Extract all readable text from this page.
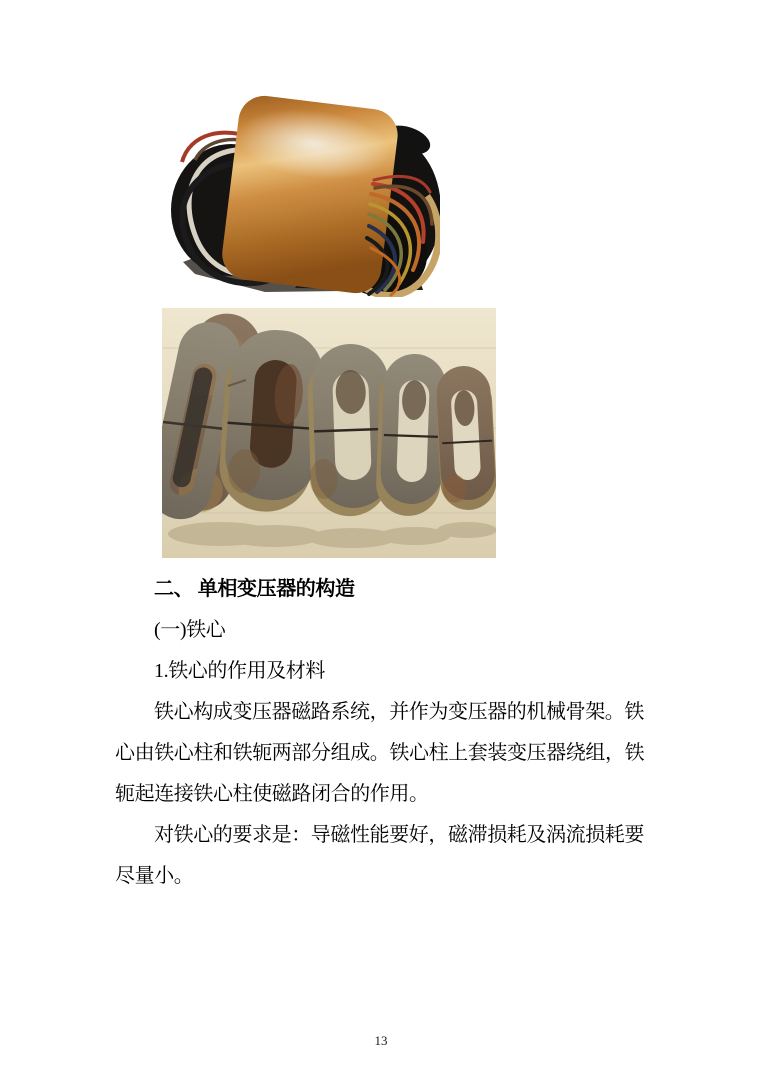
二、 单相变压器的构造

(一)铁心

1.铁心的作用及材料

铁心构成变压器磁路系统，并作为变压器的机械骨架。铁

心由铁心柱和铁轭两部分组成。铁心柱上套装变压器绕组，铁

轭起连接铁心柱使磁路闭合的作用。

对铁心的要求是：导磁性能要好，磁滞损耗及涡流损耗要

尽量小。

13
